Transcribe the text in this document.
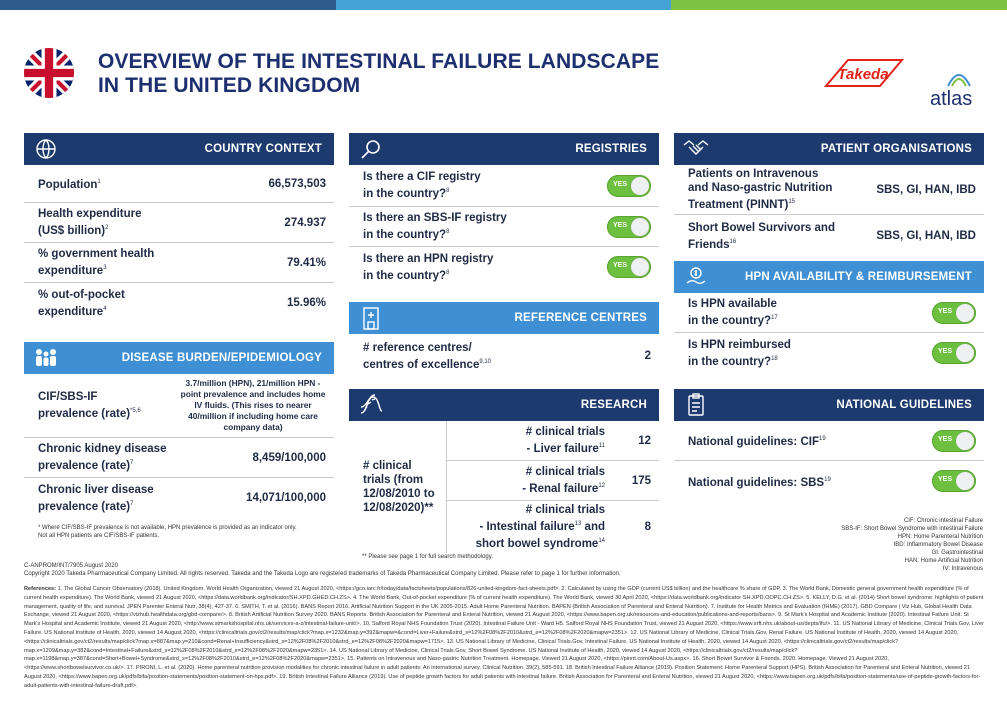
OVERVIEW OF THE INTESTINAL FAILURE LANDSCAPE
IN THE UNITED KINGDOM	Takeda
atlas
COUNTRY CONTEXT
Population$^1$	66,573,503
Health expenditure
(US$ billion)$^2$	274.937
% government health
expenditure$^3$	79.41%
% out-of-pocket
expenditure$^4$	15.96%
DISEASE BURDEN/EPIDEMIOLOGY
CIF/SBS-IF
prevalence (rate)$^{*5,6}$
3.7/million (HPN), 21/million HPN - point prevalence and includes home IV fluids. (This rises to nearer 40/million if including home care company data)
Chronic kidney disease
prevalence (rate)$^7$	8,459/100,000
Chronic liver disease
prevalence (rate)$^7$	14,071/100,000
* Where CIF/SBS-IF prevalence is not available, HPN prevalence is provided as an indicator only.
Not all HPN patients are CIF/SBS-IF patients.
REGISTRIES
Is there a CIF registry
in the country?$^8$
YES
Is there an SBS-IF registry
in the country?$^8$
YES
Is there an HPN registry
in the country?$^8$
YES
REFERENCE CENTRES
# reference centres/
centres of excellence$^{9,10}$	2
RESEARCH
# clinical
trials (from
12/08/2010 to
12/08/2020)**
# clinical trials
- Liver failure$^{11}$	12
# clinical trials
- Renal failure$^{12}$ 175
# clinical trials
- Intestinal failure$^{13}$ and
short bowel syndrome$^{14}$
8
** Please see page 1 for full search methodology.
PATIENT ORGANISATIONS
Patients on Intravenous
and Naso-gastric Nutrition
Treatment (PINNT)$^{15}$
SBS, GI, HAN, IBD
Short Bowel Survivors and
Friends$^{16}$	SBS, GI, HAN, IBD
HPN AVAILABILITY & REIMBURSEMENT
Is HPN available
in the country?$^{17}$
YES
Is HPN reimbursed
in the country?$^{18}$
YES
NATIONAL GUIDELINES
National guidelines: CIF$^{19}$	YES
National guidelines: SBS$^{19}$	YES
CIF: Chronic intestinal Failure
SBS-IF: Short Bowel Syndrome with intestinal Failure
HPN: Home Parenteral Nutrition
IBD: Inflammatory Bowel Disease
GI: Gastrointestinal
HAN: Home Artificial Nutrition
IV: Intravenous
C-ANPROM/INT/7905 August 2020
Copyright 2020 Takeda Pharmaceutical Company Limited. All rights reserved. Takeda and the Takeda Logo are registered trademarks of Takeda Pharmaceutical Company Limited. Please refer to page 1 for further information.
References: 1. The Global Cancer Observatory (2018). United Kingdom, World Health Organization, viewed 21 August 2020, <https://gco.iarc.fr/today/data/factsheets/populations/826-united-kingdom-fact-sheets.pdf>. 2. Calculated by using the GDP (current US$ billion) and the healthcare % share of GDP. 3. The World Bank, Domestic general government health expenditure (% of current health expenditure). The World Bank, viewed 21 August 2020, <https://data.worldbank.org/indicator/SH.XPD.GHED.CH.ZS>. 4. The World Bank, Out-of-pocket expenditure (% of current health expenditure). The World Bank, viewed 30 April 2020, <https://data.worldbank.org/indicator SH.XPD.OOPC.CH.ZS>. 5. KELLY, D.G. et al. (2014) Short bowel syndrome: highlights of patient management, quality of life, and survival. JPEN Parenter Enteral Nutr, 38(4), 427-37. 6. SMITH, T. et al. (2016). BANS Report 2016. Artificial Nutrition Support in the UK 2005-2015. Adult Home Parenteral Nutrition. BAPEN (British Association of Parenteral and Enteral Nutrition). 7. Institute for Health Metrics and Evaluation (IHME) (2017). GBD Compare | Viz Hub, Global Health Data Exchange, viewed 21 August 2020, <https://vizhub.healthdata.org/gbd-compare/>. 8. British Artificial Nutrition Survey 2020. BANS Reports. British Association for Parenteral and Enteral Nutrition, viewed 21 August 2020, <https://www.bapen.org.uk/resources-and-education/publications-and-reports/bans>. 9. St Mark's Hospital and Academic Institute (2020). Intestinal Failure Unit. St Mark's Hospital and Academic Institute, viewed 21 August 2020, <http://www.stmarkshospital.nhs.uk/services-a-z/intestinal-failure-unit/>. 10. Salford Royal NHS Foundation Trust (2020). Intestinal Failure Unit - Ward H5. Salford Royal NHS Foundation Trust, viewed 21 August 2020, <https://www.srft.nhs.uk/about-us/depts/ifu/>. 11. US National Library of Medicine, Clinical Trials.Gov, Liver Failure. US National Institute of Health, 2020, viewed 14 August 2020, <https://clinicaltrials.gov/ct2/results/map/click?map.x=1232&map.y=392&mapw=&cond=Liver+Failure&strd_s=12%2F08%2F2010&strd_e=12%2F08%2F2020&mapw=2351>. 12. US National Library of Medicine, Clinical Trials.Gov, Renal Failure. US National Institute of Health, 2020, viewed 14 August 2020, <https://clinicaltrials.gov/ct2/results/map/click?map.x=887&map.y=210&cond=Renal+Insufficiency&strd_s=12%2F08%2F2010&strd_e=12%2F08%2F2020&mapw=1715>. 13. US National Library of Medicine, Clinical Trials.Gov, Intestinal Failure. US National Institute of Health, 2020, viewed 14 August 2020, <https://clinicaltrials.gov/ct2/results/map/click?map.x=1209&map.y=382&cond=Intestinal+Failure&strd_s=12%2F08%2F2010&strd_e=12%2F08%2F2020&mapw=2351>. 14. US National Library of Medicine, Clinical Trials.Gov, Short Bowel Syndrome. US National Institute of Health, 2020, viewed 14 August 2020, <https://clinicaltrials.gov/ct2/results/map/click?map.x=1198&map.y=387&cond=Short+Bowel+Syndrome&strd_s=12%2F08%2F2010&strd_e=12%2F08%2F2020&mapw=2351>. 15. Patients on Intravenous and Naso-gastric Nutrition Treatment. Homepage. Viewed 21 August 2020, <https://pinnt.com/About-Us.aspx>. 16. Short Bowel Survivor & Friends. 2020. Homepage. Viewed 21 August 2020, <https://www.shortbowelsurvivor.co.uk/>. 17. PIRONI, L. et al. (2020). Home parenteral nutrition provision modalities for chronic intestinal failure in adult patients: An international survey. Clinical Nutrition. 39(2), 585-591. 18. British Intestinal Failure Alliance (2019). Position Statement: Home Parenteral Support (HPS). British Association for Parenteral and Enteral Nutrition, viewed 21 August 2020, <https://www.bapen.org.uk/pdfs/bifa/position-statements/position-statement-on-hps.pdf>. 19. British Intestinal Failure Alliance (2019). Use of peptide growth factors for adult patients with intestinal failure. British Association for Parenteral and Enteral Nutrition, viewed 21 August 2020, <https://www.bapen.org.uk/pdfs/bifa/position-statements/use-of-peptide-growth-factors-for-adult-patients-with-intestinal-failure-draft.pdf>.
